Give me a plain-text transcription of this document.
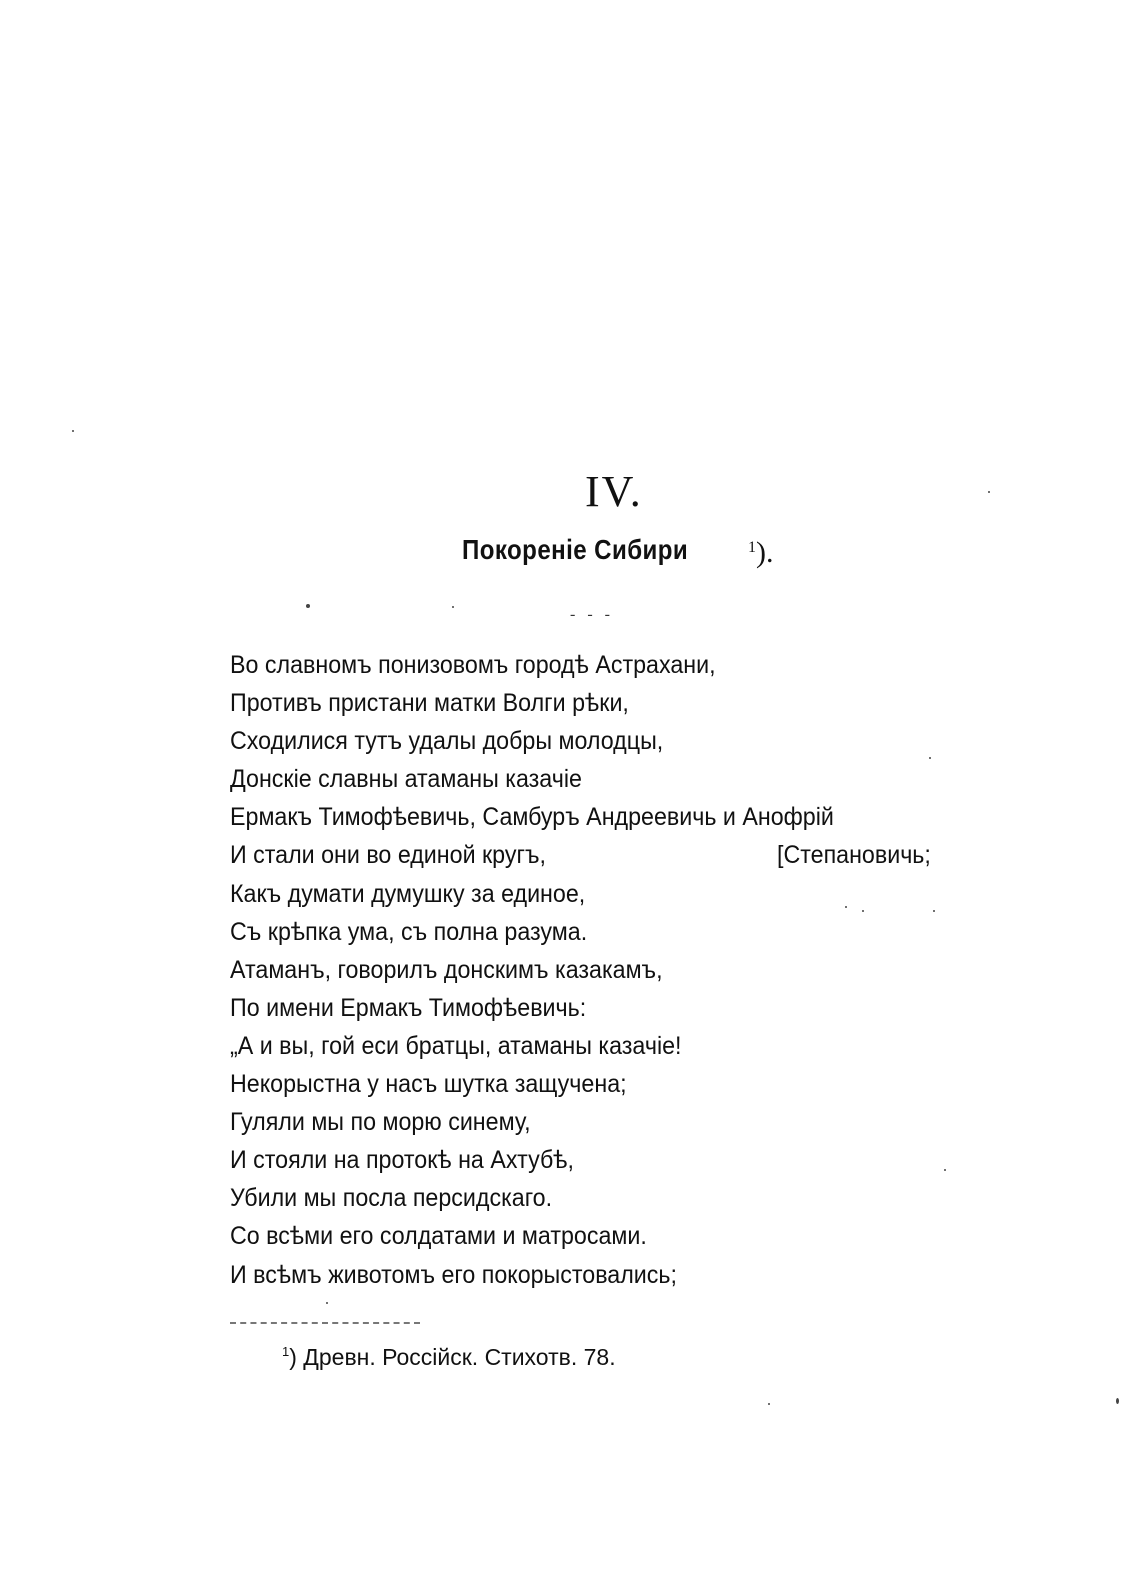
IV.
Покореніе Сибири	$^1$).
- - -
Во славномъ понизовомъ городѣ Астрахани,
Противъ пристани матки Волги рѣки,
Сходилися тутъ удалы добры молодцы,
Донскіе славны атаманы казачіе
Ермакъ Тимофѣевичь, Самбуръ Андреевичь и Анофрій
И стали они во единой кругъ,	[Степановичь;
Какъ думати думушку за единое,
Съ крѣпка ума, съ полна разума.
Атаманъ, говорилъ донскимъ казакамъ,
По имени Ермакъ Тимофѣевичь:
„А и вы, гой еси братцы, атаманы казачіе!
Некорыстна у насъ шутка защучена;
Гуляли мы по морю синему,
И стояли на протокѣ на Ахтубѣ,
Убили мы посла персидскаго.
Со всѣми его солдатами и матросами.
И всѣмъ животомъ его покорыстовались;
$^1$) Древн. Россійск. Стихотв. 78.
